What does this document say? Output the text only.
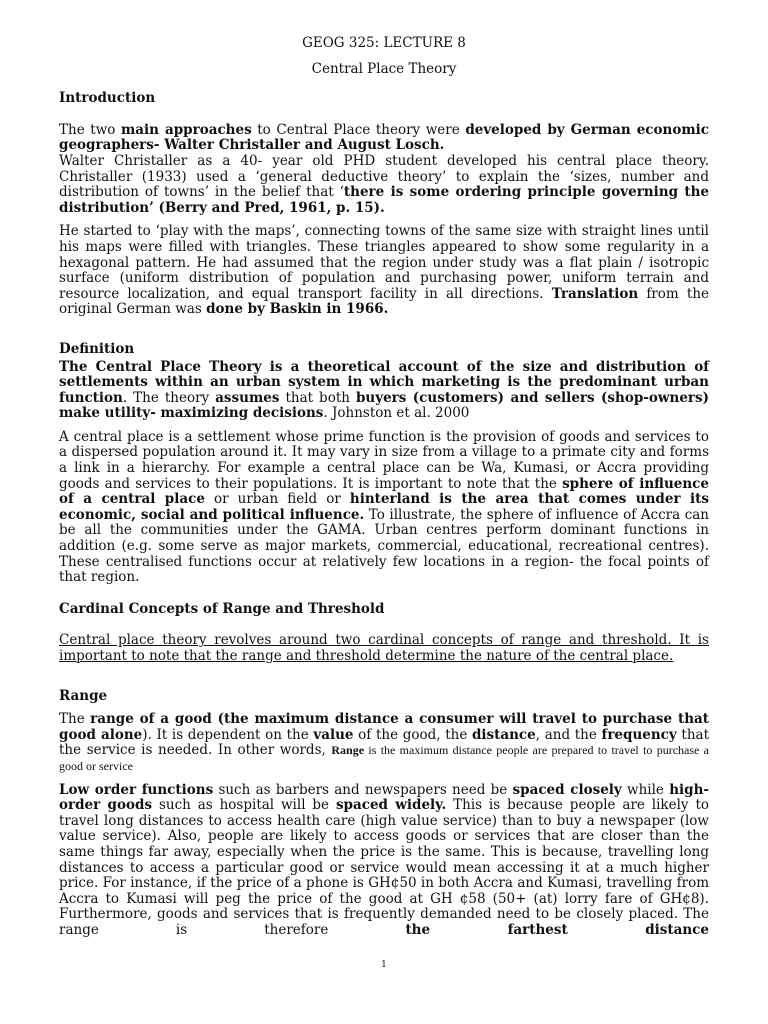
GEOG 325: LECTURE 8
Central Place Theory
Introduction

The two main approaches to Central Place theory were developed by German economic geographers- Walter Christaller and August Losch.
Walter Christaller as a 40- year old PHD student developed his central place theory. Christaller (1933) used a ‘general deductive theory’ to explain the ‘sizes, number and distribution of towns’ in the belief that ‘there is some ordering principle governing the distribution’ (Berry and Pred, 1961, p. 15).

He started to ‘play with the maps’, connecting towns of the same size with straight lines until his maps were filled with triangles. These triangles appeared to show some regularity in a hexagonal pattern. He had assumed that the region under study was a flat plain / isotropic surface (uniform distribution of population and purchasing power, uniform terrain and resource localization, and equal transport facility in all directions. Translation from the original German was done by Baskin in 1966.

Definition

The Central Place Theory is a theoretical account of the size and distribution of settlements within an urban system in which marketing is the predominant urban function. The theory assumes that both buyers (customers) and sellers (shop-owners) make utility- maximizing decisions. Johnston et al. 2000

A central place is a settlement whose prime function is the provision of goods and services to a dispersed population around it. It may vary in size from a village to a primate city and forms a link in a hierarchy. For example a central place can be Wa, Kumasi, or Accra providing goods and services to their populations. It is important to note that the sphere of influence of a central place or urban field or hinterland is the area that comes under its economic, social and political influence. To illustrate, the sphere of influence of Accra can be all the communities under the GAMA. Urban centres perform dominant functions in addition (e.g. some serve as major markets, commercial, educational, recreational centres). These centralised functions occur at relatively few locations in a region- the focal points of that region.

Cardinal Concepts of Range and Threshold

Central place theory revolves around two cardinal concepts of range and threshold. It is important to note that the range and threshold determine the nature of the central place.

Range

The range of a good (the maximum distance a consumer will travel to purchase that good alone). It is dependent on the value of the good, the distance, and the frequency that the service is needed. In other words, Range is the maximum distance people are prepared to travel to purchase a good or service

Low order functions such as barbers and newspapers need be spaced closely while high-order goods such as hospital will be spaced widely. This is because people are likely to travel long distances to access health care (high value service) than to buy a newspaper (low value service). Also, people are likely to access goods or services that are closer than the same things far away, especially when the price is the same. This is because, travelling long distances to access a particular good or service would mean accessing it at a much higher price. For instance, if the price of a phone is GH¢50 in both Accra and Kumasi, travelling from Accra to Kumasi will peg the price of the good at GH ¢58 (50+ (at) lorry fare of GH¢8). Furthermore, goods and services that is frequently demanded need to be closely placed. The range is therefore the farthest distance

1
